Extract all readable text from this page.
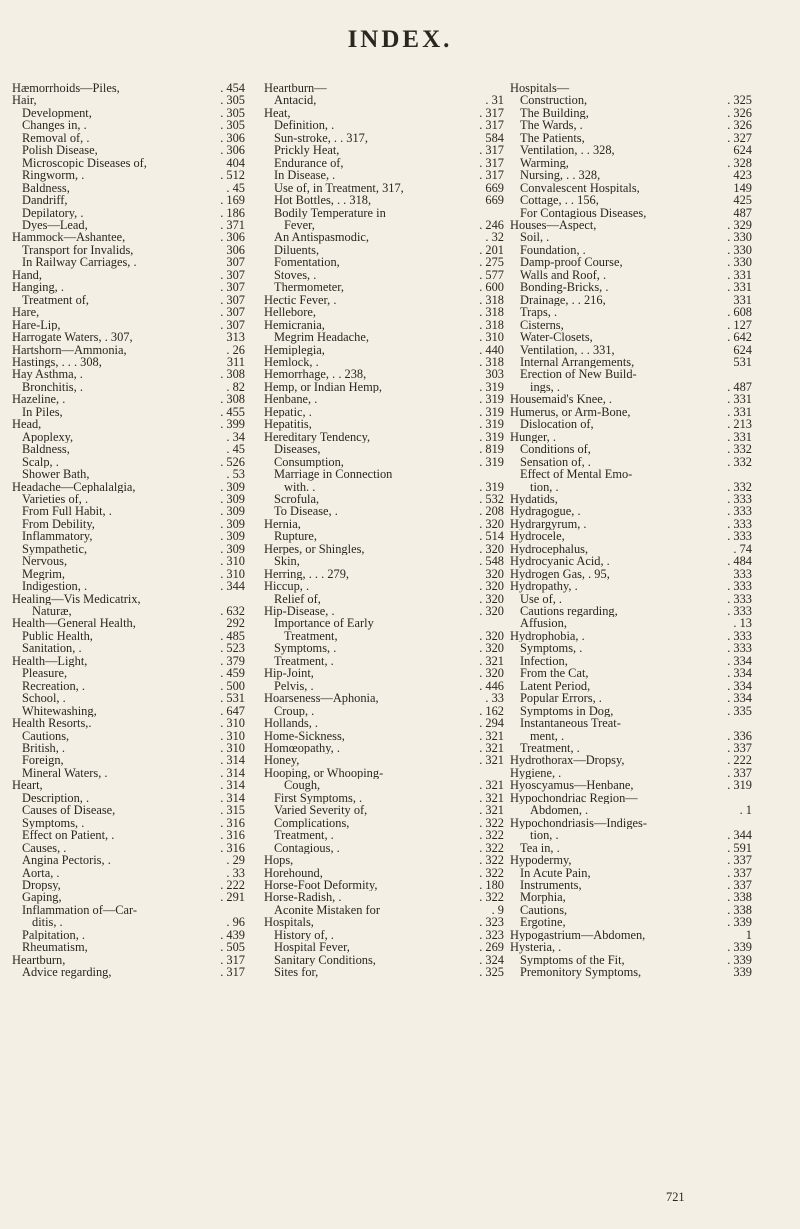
INDEX.
Hæmorrhoids—Piles,	. 454
Hair,	. 305
Development,	. 305
Changes in, .	. 305
Removal of, .	. 306
Polish Disease,	. 306
Microscopic Diseases of,	404
Ringworm, .	. 512
Baldness,	. 45
Dandriff,	. 169
Depilatory, .	. 186
Dyes—Lead,	. 371
Hammock—Ashantee,	. 306
Transport for Invalids,	306
In Railway Carriages, .	307
Hand,	. 307
Hanging, .	. 307
Treatment of,	. 307
Hare,	. 307
Hare-Lip,	. 307
Harrogate Waters, . 307,	313
Hartshorn—Ammonia,	. 26
Hastings, . . . 308,	311
Hay Asthma, .	. 308
Bronchitis, .	. 82
Hazeline, .	. 308
In Piles,	. 455
Head,	. 399
Apoplexy,	. 34
Baldness,	. 45
Scalp, .	. 526
Shower Bath,	. 53
Headache—Cephalalgia,	. 309
Varieties of, .	. 309
From Full Habit, .	. 309
From Debility,	. 309
Inflammatory,	. 309
Sympathetic,	. 309
Nervous,	. 310
Megrim,	. 310
Indigestion, .	. 344
Healing—Vis Medicatrix,
Naturæ,	. 632
Health—General Health,	292
Public Health,	. 485
Sanitation, .	. 523
Health—Light,	. 379
Pleasure,	. 459
Recreation, .	. 500
School, .	. 531
Whitewashing,	. 647
Health Resorts,.	. 310
Cautions,	. 310
British, .	. 310
Foreign,	. 314
Mineral Waters, .	. 314
Heart,	. 314
Description, .	. 314
Causes of Disease,	. 315
Symptoms, .	. 316
Effect on Patient, .	. 316
Causes, .	. 316
Angina Pectoris, .	. 29
Aorta, .	. 33
Dropsy,	. 222
Gaping,	. 291
Inflammation of—Car-
ditis, .	. 96
Palpitation, .	. 439
Rheumatism,	. 505
Heartburn,	. 317
Advice regarding,	. 317
Heartburn—
Antacid,	. 31
Heat,	. 317
Definition, .	. 317
Sun-stroke, . . 317,	584
Prickly Heat,	. 317
Endurance of,	. 317
In Disease, .	. 317
Use of, in Treatment, 317,	669
Hot Bottles, . . 318,	669
Bodily Temperature in
Fever,	. 246
An Antispasmodic,	. 32
Diluents,	. 201
Fomentation,	. 275
Stoves, .	. 577
Thermometer,	. 600
Hectic Fever, .	. 318
Hellebore,	. 318
Hemicrania,	. 318
Megrim Headache,	. 310
Hemiplegia,	. 440
Hemlock, .	. 318
Hemorrhage, . . 238,	303
Hemp, or Indian Hemp,	. 319
Henbane, .	. 319
Hepatic, .	. 319
Hepatitis,	. 319
Hereditary Tendency,	. 319
Diseases,	. 819
Consumption,	. 319
Marriage in Connection
with. .	. 319
Scrofula,	. 532
To Disease, .	. 208
Hernia,	. 320
Rupture,	. 514
Herpes, or Shingles,	. 320
Skin,	. 548
Herring, . . . 279,	320
Hiccup, .	. 320
Relief of,	. 320
Hip-Disease, .	. 320
Importance of Early
Treatment,	. 320
Symptoms, .	. 320
Treatment, .	. 321
Hip-Joint,	. 320
Pelvis, .	. 446
Hoarseness—Aphonia,	. 33
Croup, .	. 162
Hollands, .	. 294
Home-Sickness,	. 321
Homœopathy, .	. 321
Honey,	. 321
Hooping, or Whooping-
Cough,	. 321
First Symptoms, .	. 321
Varied Severity of,	. 321
Complications,	. 322
Treatment, .	. 322
Contagious, .	. 322
Hops,	. 322
Horehound,	. 322
Horse-Foot Deformity,	. 180
Horse-Radish, .	. 322
Aconite Mistaken for	. 9
Hospitals,	. 323
History of, .	. 323
Hospital Fever,	. 269
Sanitary Conditions,	. 324
Sites for,	. 325
Hospitals—
Construction,	. 325
The Building,	. 326
The Wards, .	. 326
The Patients,	. 327
Ventilation, . . 328,	624
Warming,	. 328
Nursing, . . 328,	423
Convalescent Hospitals,	149
Cottage, . . 156,	425
For Contagious Diseases,	487
Houses—Aspect,	. 329
Soil, .	. 330
Foundation, .	. 330
Damp-proof Course,	. 330
Walls and Roof, .	. 331
Bonding-Bricks, .	. 331
Drainage, . . 216,	331
Traps, .	. 608
Cisterns,	. 127
Water-Closets,	. 642
Ventilation, . . 331,	624
Internal Arrangements,	531
Erection of New Build-
ings, .	. 487
Housemaid's Knee, .	. 331
Humerus, or Arm-Bone,	. 331
Dislocation of,	. 213
Hunger, .	. 331
Conditions of,	. 332
Sensation of, .	. 332
Effect of Mental Emo-
tion, .	. 332
Hydatids,	. 333
Hydragogue, .	. 333
Hydrargyrum, .	. 333
Hydrocele,	. 333
Hydrocephalus,	. 74
Hydrocyanic Acid, .	. 484
Hydrogen Gas, . 95,	333
Hydropathy, .	. 333
Use of, .	. 333
Cautions regarding,	. 333
Affusion,	. 13
Hydrophobia, .	. 333
Symptoms, .	. 333
Infection,	. 334
From the Cat,	. 334
Latent Period,	. 334
Popular Errors, .	. 334
Symptoms in Dog,	. 335
Instantaneous Treat-
ment, .	. 336
Treatment, .	. 337
Hydrothorax—Dropsy,	. 222
Hygiene, .	. 337
Hyoscyamus—Henbane,	. 319
Hypochondriac Region—
Abdomen, .	. 1
Hypochondriasis—Indiges-
tion, .	. 344
Tea in, .	. 591
Hypodermy,	. 337
In Acute Pain,	. 337
Instruments,	. 337
Morphia,	. 338
Cautions,	. 338
Ergotine,	. 339
Hypogastrium—Abdomen,	1
Hysteria, .	. 339
Symptoms of the Fit,	. 339
Premonitory Symptoms,	339
721
